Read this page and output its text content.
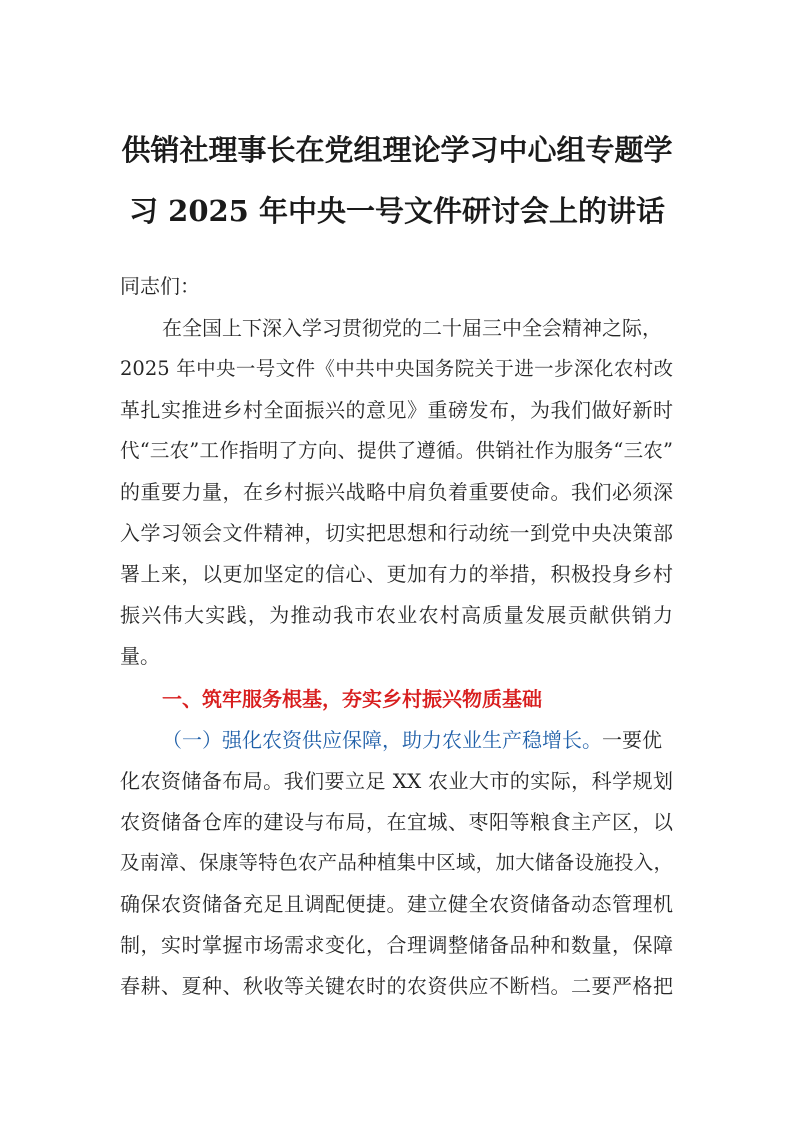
供销社理事长在党组理论学习中心组专题学
习 2025 年中央一号文件研讨会上的讲话
同志们：
在全国上下深入学习贯彻党的二十届三中全会精神之际，
2025 年中央一号文件《中共中央国务院关于进一步深化农村改
革扎实推进乡村全面振兴的意见》重磅发布，为我们做好新时
代“三农”工作指明了方向、提供了遵循。供销社作为服务“三农”
的重要力量，在乡村振兴战略中肩负着重要使命。我们必须深
入学习领会文件精神，切实把思想和行动统一到党中央决策部
署上来，以更加坚定的信心、更加有力的举措，积极投身乡村
振兴伟大实践，为推动我市农业农村高质量发展贡献供销力
量。
一、筑牢服务根基，夯实乡村振兴物质基础
（一）强化农资供应保障，助力农业生产稳增长。一要优
化农资储备布局。我们要立足 XX 农业大市的实际，科学规划
农资储备仓库的建设与布局，在宜城、枣阳等粮食主产区，以
及南漳、保康等特色农产品种植集中区域，加大储备设施投入，
确保农资储备充足且调配便捷。建立健全农资储备动态管理机
制，实时掌握市场需求变化，合理调整储备品种和数量，保障
春耕、夏种、秋收等关键农时的农资供应不断档。二要严格把
